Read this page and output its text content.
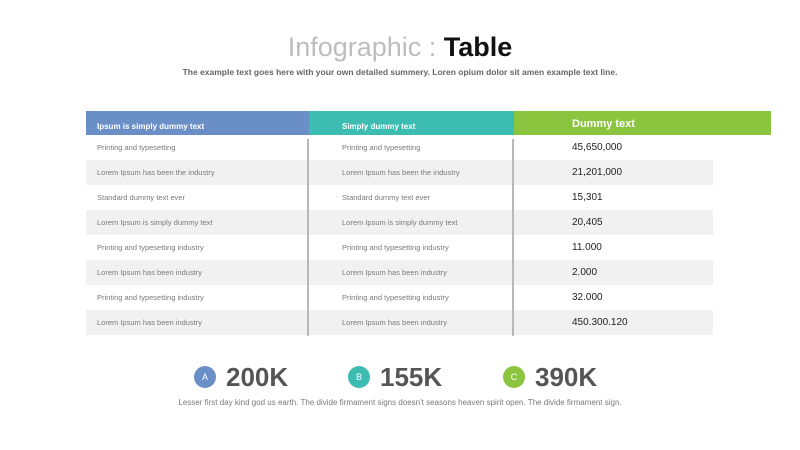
Infographic : Table
The example text goes here with your own detailed summery. Loren opium dolor sit amen example text line.
Ipsum is simply dummy text	Simply dummy text	Dummy text
Printing and typesetting	Printing and typesetting	45,650,000
Lorem Ipsum has been the industry	Lorem Ipsum has been the industry	21,201,000
Standard dummy text ever	Standard dummy text ever	15,301
Lorem Ipsum is simply dummy text	Lorem Ipsum is simply dummy text	20,405
Printing and typesetting industry	Printing and typesetting industry	11.000
Lorem Ipsum has been industry	Lorem Ipsum has been industry	2.000
Printing and typesetting industry	Printing and typesetting industry	32.000
Lorem Ipsum has been industry	Lorem Ipsum has been industry	450.300.120
A 200K	B 155K	C 390K
Lesser first day kind god us earth. The divide firmament signs doesn't seasons heaven spirit open. The divide firmament sign.
